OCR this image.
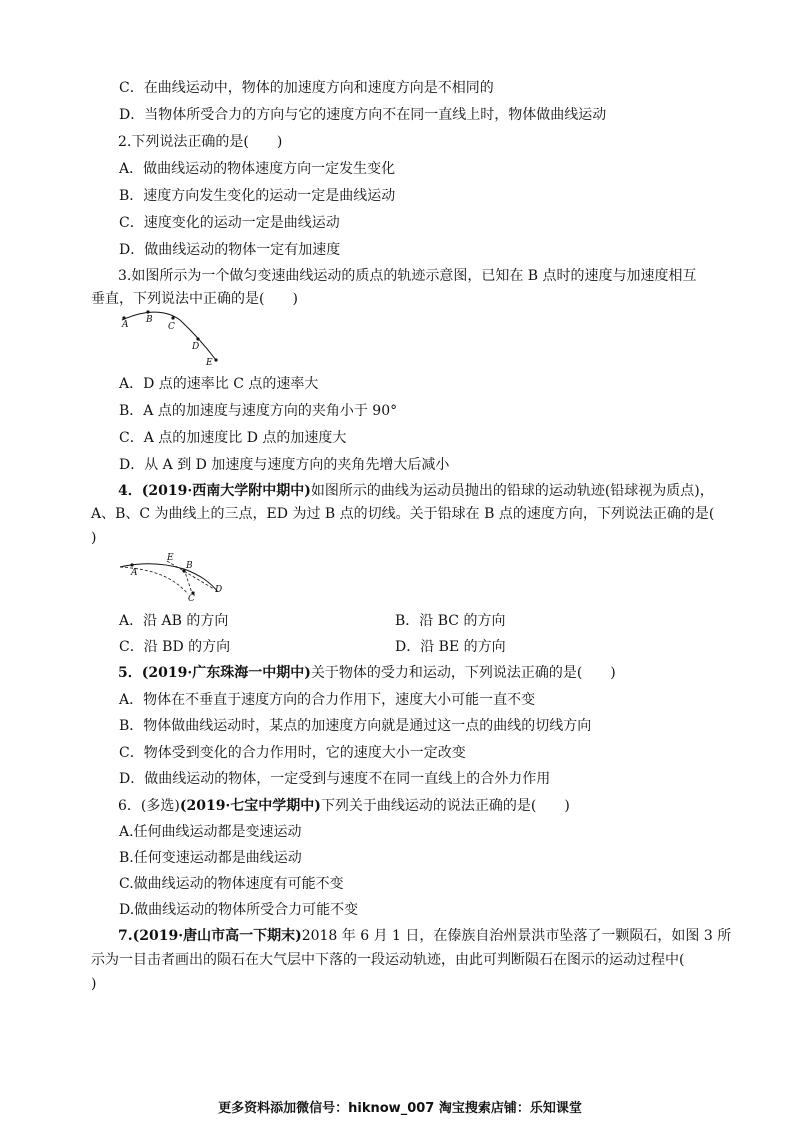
C．在曲线运动中，物体的加速度方向和速度方向是不相同的
D．当物体所受合力的方向与它的速度方向不在同一直线上时，物体做曲线运动
2.下列说法正确的是(　　)
A．做曲线运动的物体速度方向一定发生变化
B．速度方向发生变化的运动一定是曲线运动
C．速度变化的运动一定是曲线运动
D．做曲线运动的物体一定有加速度
3.如图所示为一个做匀变速曲线运动的质点的轨迹示意图，已知在 B 点时的速度与加速度相互
垂直，下列说法中正确的是(　　)
A B
C
D
E
A．D 点的速率比 C 点的速率大
B．A 点的加速度与速度方向的夹角小于 90°
C．A 点的加速度比 D 点的加速度大
D．从 A 到 D 加速度与速度方向的夹角先增大后减小
4．(2019·西南大学附中期中)如图所示的曲线为运动员抛出的铅球的运动轨迹(铅球视为质点)，
A、B、C 为曲线上的三点，ED 为过 B 点的切线。关于铅球在 B 点的速度方向，下列说法正确的是(
)
A
E
B
C
D
A．沿 AB 的方向	B．沿 BC 的方向
C．沿 BD 的方向	D．沿 BE 的方向
5．(2019·广东珠海一中期中)关于物体的受力和运动，下列说法正确的是(　　)
A．物体在不垂直于速度方向的合力作用下，速度大小可能一直不变
B．物体做曲线运动时，某点的加速度方向就是通过这一点的曲线的切线方向
C．物体受到变化的合力作用时，它的速度大小一定改变
D．做曲线运动的物体，一定受到与速度不在同一直线上的合外力作用
6．(多选)(2019·七宝中学期中)下列关于曲线运动的说法正确的是(　　)
A.任何曲线运动都是变速运动
B.任何变速运动都是曲线运动
C.做曲线运动的物体速度有可能不变
D.做曲线运动的物体所受合力可能不变
7.(2019·唐山市高一下期末)2018 年 6 月 1 日，在傣族自治州景洪市坠落了一颗陨石，如图 3 所
示为一目击者画出的陨石在大气层中下落的一段运动轨迹，由此可判断陨石在图示的运动过程中(
)
更多资料添加微信号：hiknow_007 淘宝搜索店铺：乐知课堂
